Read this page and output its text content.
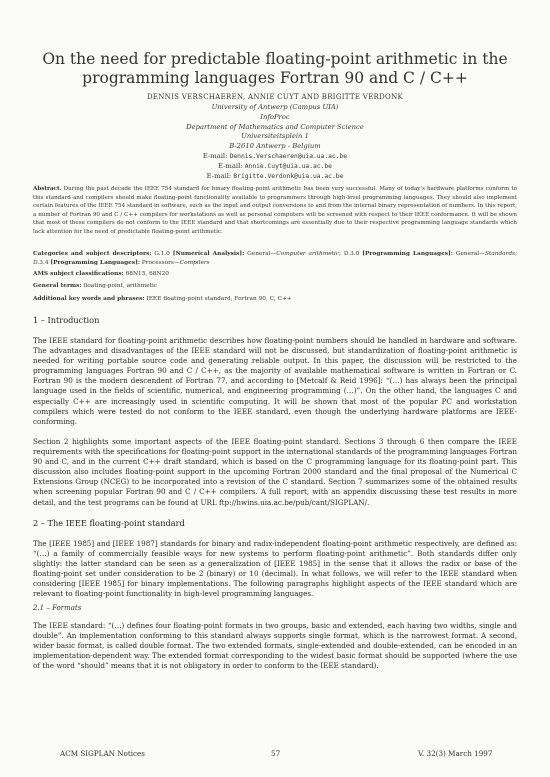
On the need for predictable floating-point arithmetic in the programming languages Fortran 90 and C / C++
DENNIS VERSCHAEREN, ANNIE CUYT AND BRIGITTE VERDONK
University of Antwerp (Campus UIA)
InfoProc
Department of Mathematics and Computer Science
Universiteitsplein 1
B-2610 Antwerp - Belgium
E-mail: Dennis.Verschaeren@uia.ua.ac.be
E-mail: Annie.Cuyt@uia.ua.ac.be
E-mail: Brigitte.Verdonk@uia.ua.ac.be
Abstract. During the past decade the IEEE 754 standard for binary floating-point arithmetic has been very successful. Many of today's hardware platforms conform to this standard and compilers should make floating-point functionality available to programmers through high-level programming languages. They should also implement certain features of the IEEE 754 standard in software, such as the input and output conversions to and from the internal binary representation of numbers. In this report, a number of Fortran 90 and C / C++ compilers for workstations as well as personal computers will be screened with respect to their IEEE conformance. It will be shown that most of these compilers do not conform to the IEEE standard and that shortcomings are essentially due to their respective programming language standards which lack attention for the need of predictable floating-point arithmetic.
Categories and subject descriptors: G.1.0 [Numerical Analysis]: General—Computer arithmetic; D.3.0 [Programming Languages]: General—Standards; D.3.4 [Programming Languages]: Processors—Compilers
AMS subject classifications: 68N15, 68N20
General terms: floating-point, arithmetic
Additional key words and phrases: IEEE floating-point standard, Fortran 90, C, C++
1 – Introduction
The IEEE standard for floating-point arithmetic describes how floating-point numbers should be handled in hardware and software. The advantages and disadvantages of the IEEE standard will not be discussed, but standardization of floating-point arithmetic is needed for writing portable source code and generating reliable output. In this paper, the discussion will be restricted to the programming languages Fortran 90 and C / C++, as the majority of available mathematical software is written in Fortran or C. Fortran 90 is the modern descendent of Fortran 77, and according to [Metcalf & Reid 1996]: “(…) has always been the principal language used in the fields of scientific, numerical, and engineering programming (…)”. On the other hand, the languages C and especially C++ are increasingly used in scientific computing. It will be shown that most of the popular PC and workstation compilers which were tested do not conform to the IEEE standard, even though the underlying hardware platforms are IEEE-conforming.
Section 2 highlights some important aspects of the IEEE floating-point standard. Sections 3 through 6 then compare the IEEE requirements with the specifications for floating-point support in the international standards of the programming languages Fortran 90 and C, and in the current C++ draft standard, which is based on the C programming language for its floating-point part. This discussion also includes floating-point support in the upcoming Fortran 2000 standard and the final proposal of the Numerical C Extensions Group (NCEG) to be incorporated into a revision of the C standard. Section 7 summarizes some of the obtained results when screening popular Fortran 90 and C / C++ compilers. A full report, with an appendix discussing these test results in more detail, and the test programs can be found at URL ftp://hwins.uia.ac.be/pub/cant/SIGPLAN/.
2 – The IEEE floating-point standard
The [IEEE 1985] and [IEEE 1987] standards for binary and radix-independent floating-point arithmetic respectively, are defined as: “(…) a family of commercially feasible ways for new systems to perform floating-point arithmetic”. Both standards differ only slightly: the latter standard can be seen as a generalization of [IEEE 1985] in the sense that it allows the radix or base of the floating-point set under consideration to be 2 (binary) or 10 (decimal). In what follows, we will refer to the IEEE standard when considering [IEEE 1985] for binary implementations. The following paragraphs highlight aspects of the IEEE standard which are relevant to floating-point functionality in high-level programming languages.
2.1 – Formats
The IEEE standard: “(…) defines four floating-point formats in two groups, basic and extended, each having two widths, single and double”. An implementation conforming to this standard always supports single format, which is the narrowest format. A second, wider basic format, is called double format. The two extended formats, single-extended and double-extended, can be encoded in an implementation-dependent way. The extended format corresponding to the widest basic format should be supported (where the use of the word “should” means that it is not obligatory in order to conform to the IEEE standard).
ACM SIGPLAN Notices	57	V. 32(3) March 1997
